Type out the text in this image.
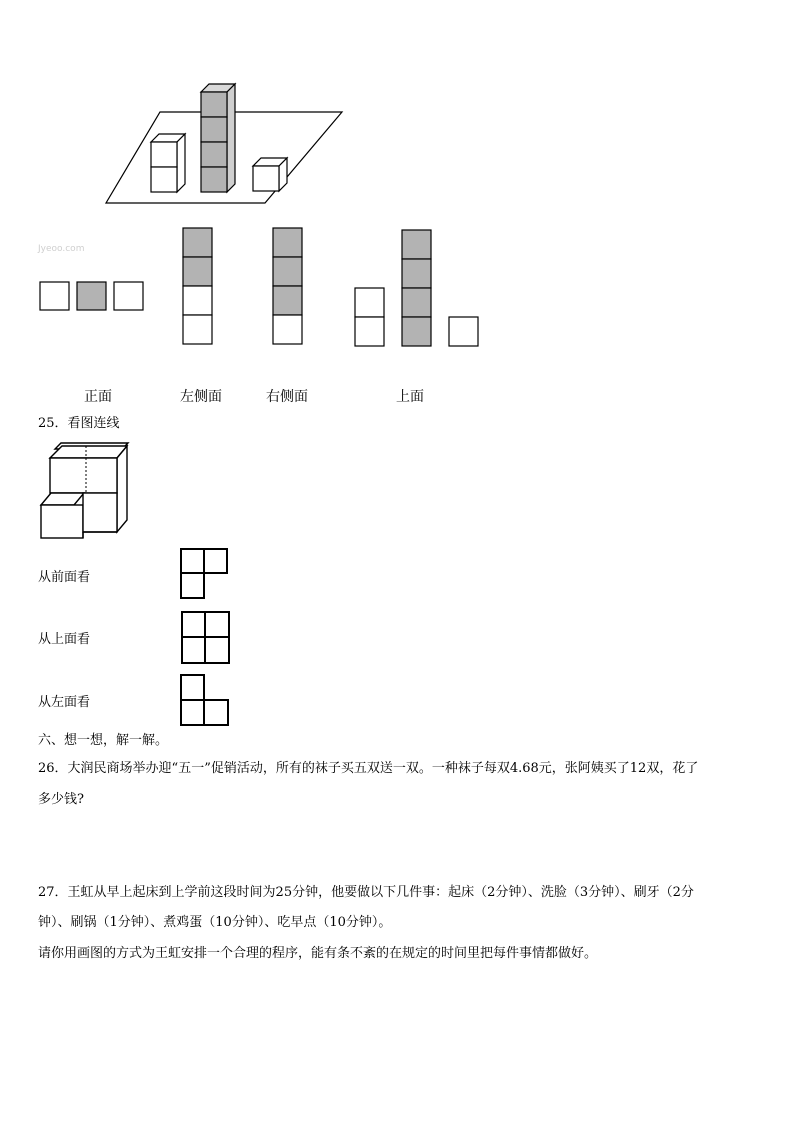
Jyeoo.com
正面	左侧面	右侧面	上面
25．看图连线
从前面看
从上面看
从左面看
六、想一想，解一解。
26．大润民商场举办迎“五一”促销活动，所有的袜子买五双送一双。一种袜子每双4.68元，张阿姨买了12双，花了
多少钱?
27．王虹从早上起床到上学前这段时间为25分钟，他要做以下几件事：起床（2分钟）、洗脸（3分钟）、刷牙（2分
钟）、刷锅（1分钟）、煮鸡蛋（10分钟）、吃早点（10分钟）。
请你用画图的方式为王虹安排一个合理的程序，能有条不紊的在规定的时间里把每件事情都做好。
